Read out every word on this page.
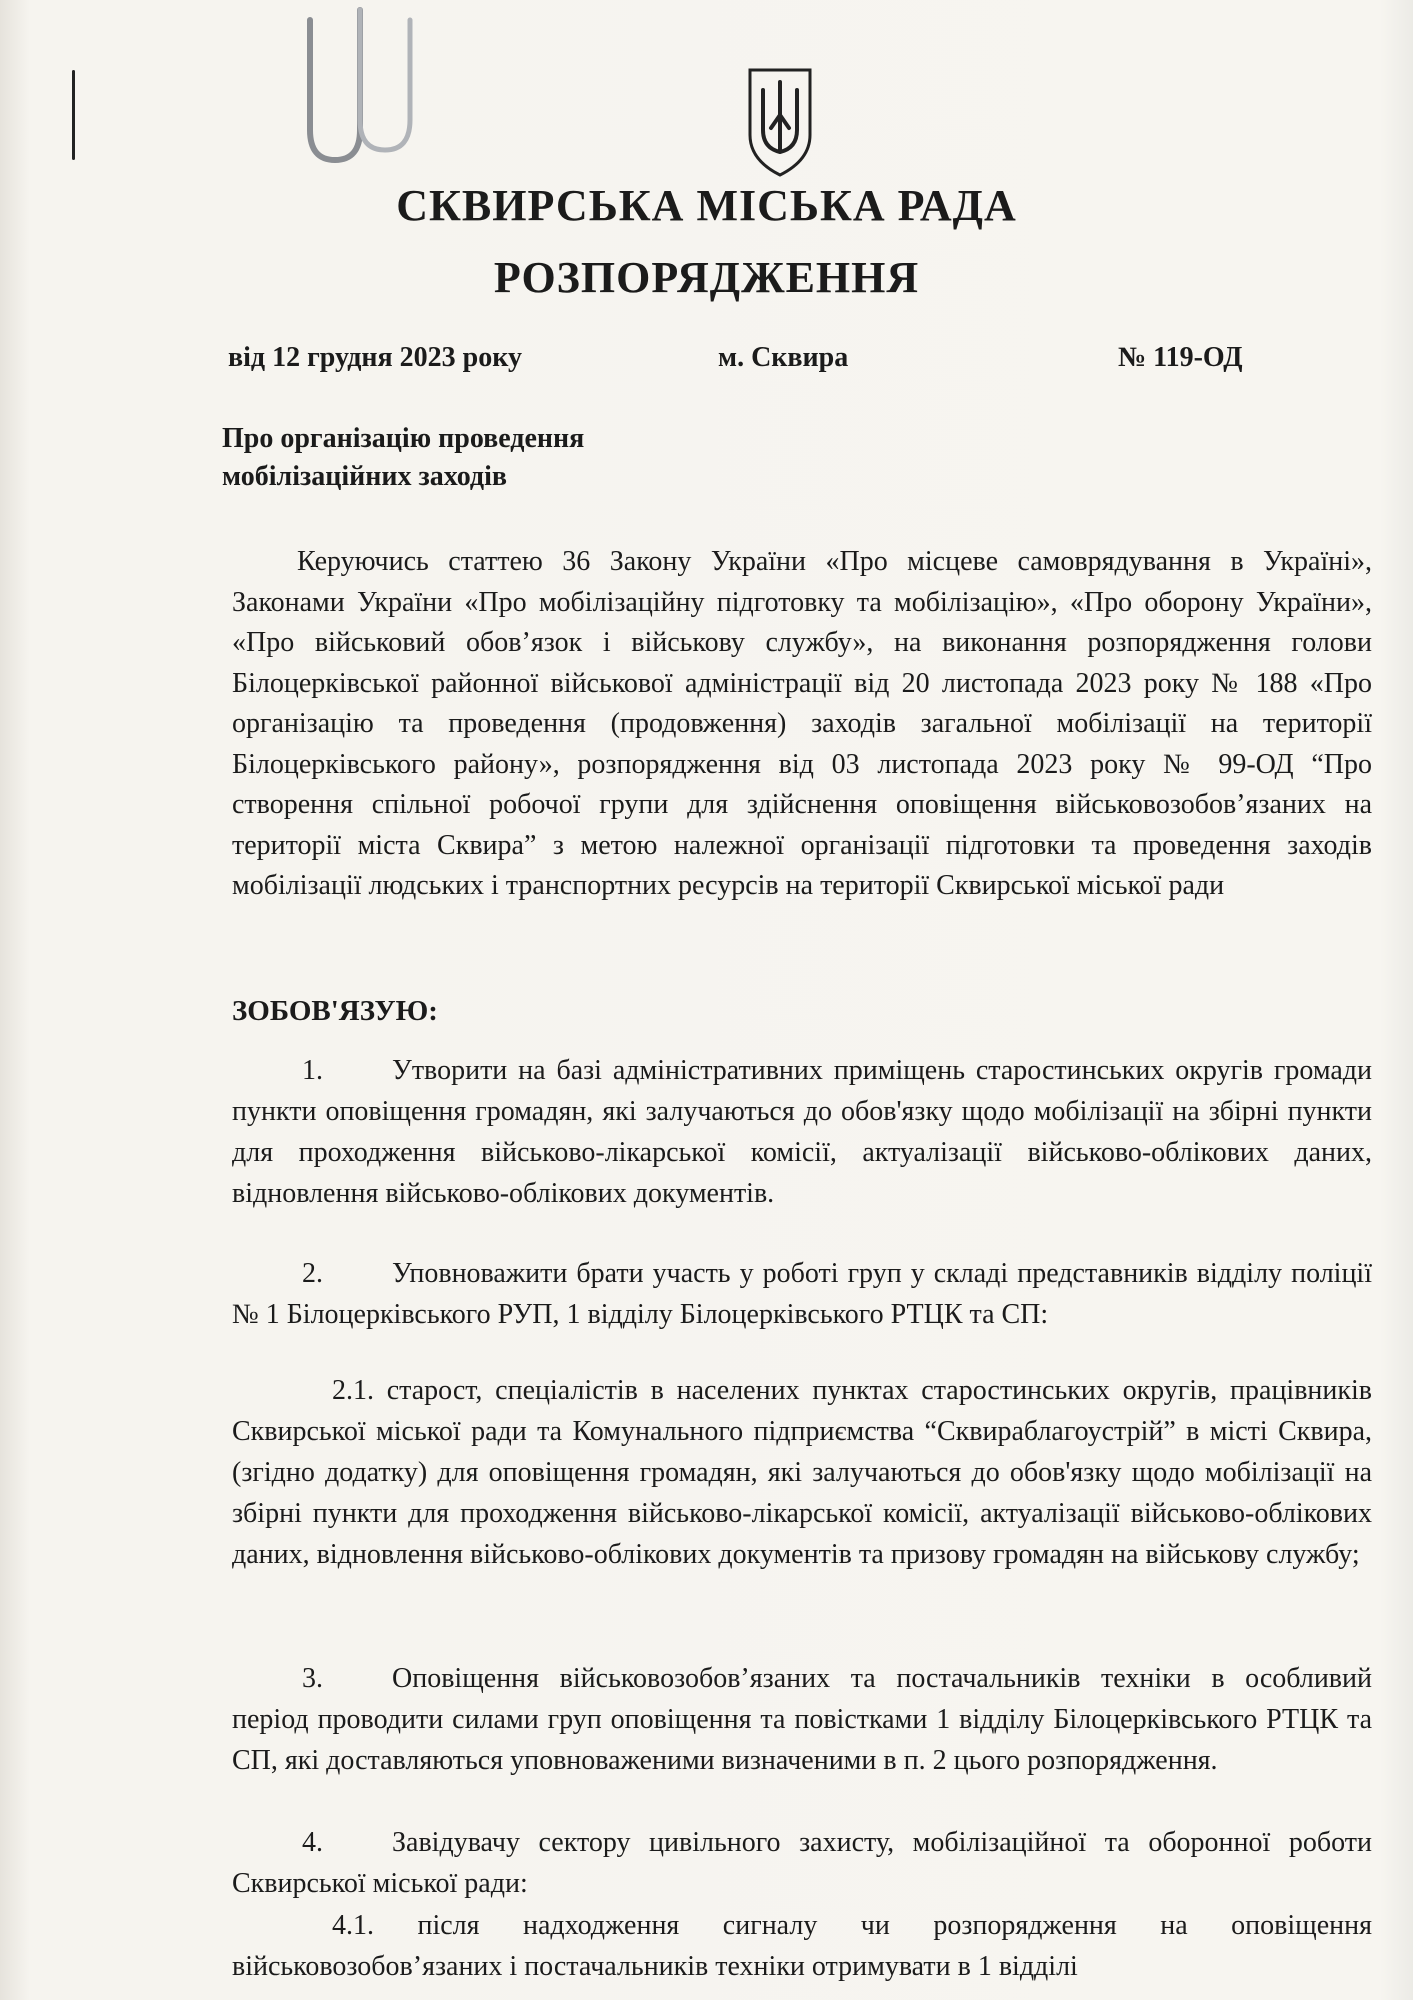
СКВИРСЬКА МІСЬКА РАДА
РОЗПОРЯДЖЕННЯ
від 12 грудня 2023 року	м. Сквира	№ 119-ОД
Про організацію проведення
мобілізаційних заходів
Керуючись статтею 36 Закону України «Про місцеве самоврядування в Україні», Законами України «Про мобілізаційну підготовку та мобілізацію», «Про оборону України», «Про військовий обов’язок і військову службу», на виконання розпорядження голови Білоцерківської районної військової адміністрації від 20 листопада 2023 року № 188 «Про організацію та проведення (продовження) заходів загальної мобілізації на території Білоцерківського району», розпорядження від 03 листопада 2023 року № 99-ОД “Про створення спільної робочої групи для здійснення оповіщення військовозобов’язаних на території міста Сквира” з метою належної організації підготовки та проведення заходів мобілізації людських і транспортних ресурсів на території Сквирської міської ради
ЗОБОВ'ЯЗУЮ:
1. Утворити на базі адміністративних приміщень старостинських округів громади пункти оповіщення громадян, які залучаються до обов'язку щодо мобілізації на збірні пункти для проходження військово-лікарської комісії, актуалізації військово-облікових даних, відновлення військово-облікових документів.
2. Уповноважити брати участь у роботі груп у складі представників відділу поліції № 1 Білоцерківського РУП, 1 відділу Білоцерківського РТЦК та СП:
2.1. старост, спеціалістів в населених пунктах старостинських округів, працівників Сквирської міської ради та Комунального підприємства “Сквираблагоустрій” в місті Сквира, (згідно додатку) для оповіщення громадян, які залучаються до обов'язку щодо мобілізації на збірні пункти для проходження військово-лікарської комісії, актуалізації військово-облікових даних, відновлення військово-облікових документів та призову громадян на військову службу;
3. Оповіщення військовозобов’язаних та постачальників техніки в особливий період проводити силами груп оповіщення та повістками 1 відділу Білоцерківського РТЦК та СП, які доставляються уповноваженими визначеними в п. 2 цього розпорядження.
4. Завідувачу сектору цивільного захисту, мобілізаційної та оборонної роботи Сквирської міської ради:
4.1. після надходження сигналу чи розпорядження на оповіщення військовозобов’язаних і постачальників техніки отримувати в 1 відділі
